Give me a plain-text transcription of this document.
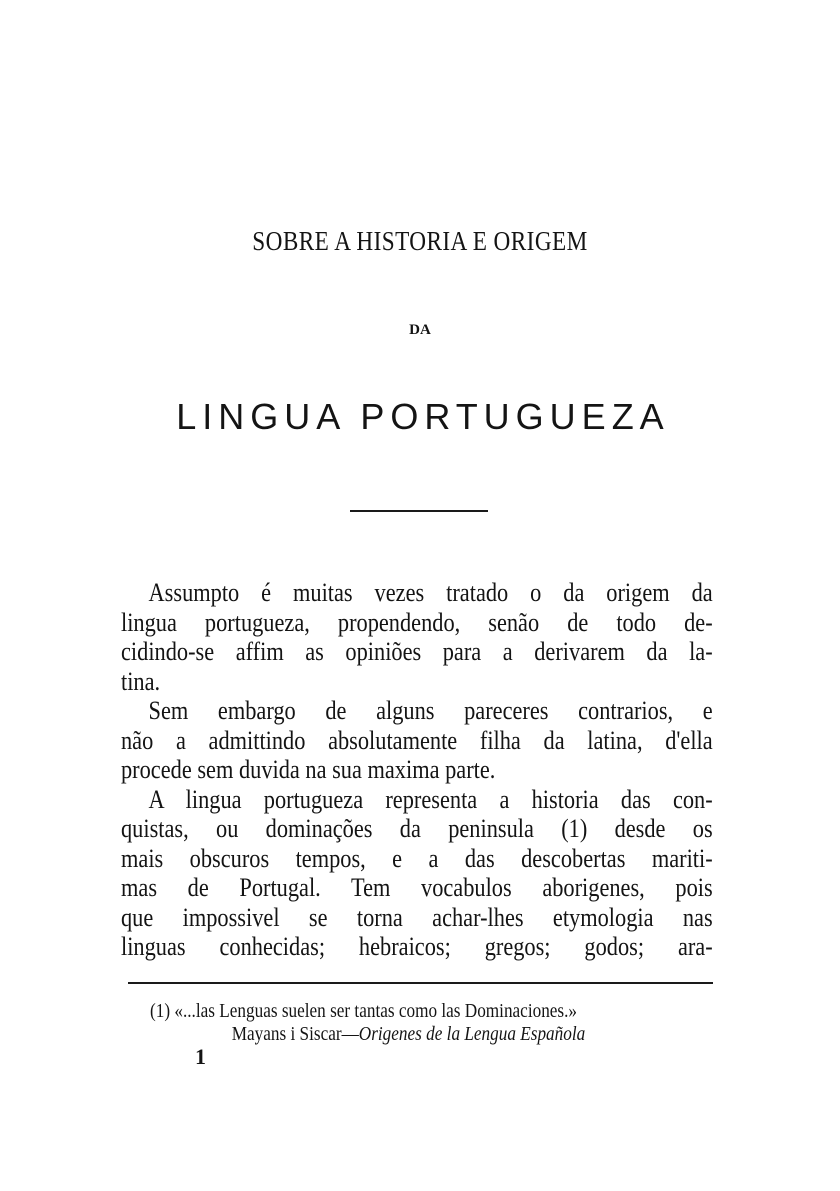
SOBRE A HISTORIA E ORIGEM
DA
LINGUA PORTUGUEZA
Assumpto é muitas vezes tratado o da origem da
lingua portugueza, propendendo, senão de todo de-
cidindo-se affim as opiniões para a derivarem da la-
tina.
Sem embargo de alguns pareceres contrarios, e
não a admittindo absolutamente filha da latina, d'ella
procede sem duvida na sua maxima parte.
A lingua portugueza representa a historia das con-
quistas, ou dominações da peninsula (1) desde os
mais obscuros tempos, e a das descobertas mariti-
mas de Portugal. Tem vocabulos aborigenes, pois
que impossivel se torna achar-lhes etymologia nas
linguas conhecidas; hebraicos; gregos; godos; ara-
(1) «...las Lenguas suelen ser tantas como las Dominaciones.»
Mayans i Siscar—Origenes de la Lengua Española
1
